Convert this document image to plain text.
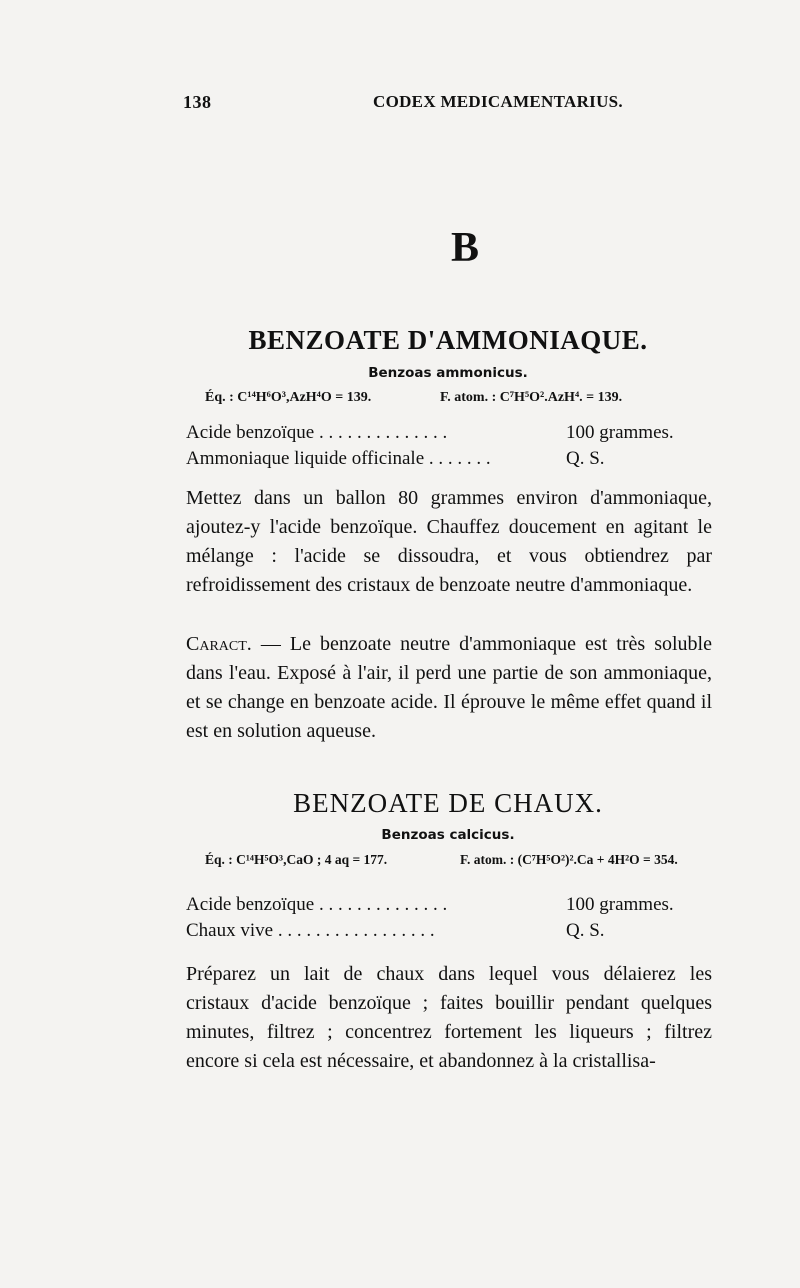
138	CODEX MEDICAMENTARIUS.
B
BENZOATE D'AMMONIAQUE.
Benzoas ammonicus.
Éq. : C¹⁴H⁶O³,AzH⁴O = 139.	F. atom. : C⁷H⁵O².AzH⁴. = 139.
Acide benzoïque . . . . . . . . . . . . . .	100 grammes.
Ammoniaque liquide officinale . . . . . . .	Q. S.
Mettez dans un ballon 80 grammes environ d'ammoniaque, ajoutez-y l'acide benzoïque. Chauffez doucement en agitant le mélange : l'acide se dissoudra, et vous obtiendrez par refroidissement des cristaux de benzoate neutre d'ammoniaque.
Caract. — Le benzoate neutre d'ammoniaque est très soluble dans l'eau. Exposé à l'air, il perd une partie de son ammoniaque, et se change en benzoate acide. Il éprouve le même effet quand il est en solution aqueuse.
BENZOATE DE CHAUX.
Benzoas calcicus.
Éq. : C¹⁴H⁵O³,CaO ; 4 aq = 177.	F. atom. : (C⁷H⁵O²)².Ca + 4H²O = 354.
Acide benzoïque . . . . . . . . . . . . . .	100 grammes.
Chaux vive . . . . . . . . . . . . . . . . .	Q. S.
Préparez un lait de chaux dans lequel vous délaierez les
cristaux d'acide benzoïque ; faites bouillir pendant quelques
minutes, filtrez ; concentrez fortement les liqueurs ; filtrez
encore si cela est nécessaire, et abandonnez à la cristallisa-
